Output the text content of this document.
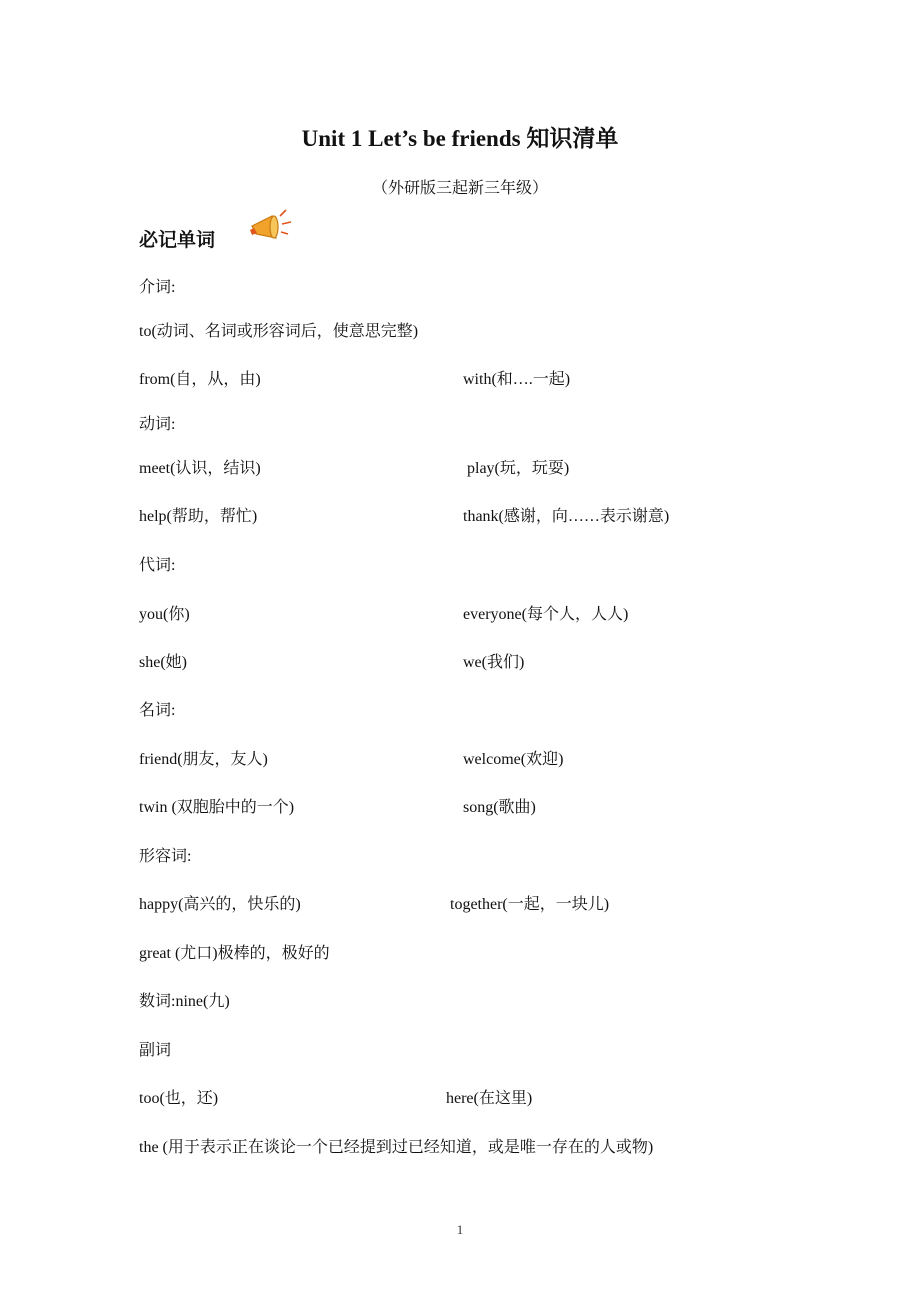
Unit 1 Let’s be friends 知识清单
（外研版三起新三年级）
必记单词
介词:
to(动词、名词或形容词后，使意思完整)
from(自，从，由)	with(和….一起)
动词:
meet(认识，结识)	play(玩，玩耍)
help(帮助，帮忙)	thank(感谢，向……表示谢意)
代词:
you(你)	everyone(每个人，人人)
she(她)	we(我们)
名词:
friend(朋友，友人)	welcome(欢迎)
twin (双胞胎中的一个)	song(歌曲)
形容词:
happy(高兴的，快乐的)	together(一起，一块儿)
great (尤口)极棒的，极好的
数词:nine(九)
副词
too(也，还)	here(在这里)
the (用于表示正在谈论一个已经提到过已经知道，或是唯一存在的人或物)
1
